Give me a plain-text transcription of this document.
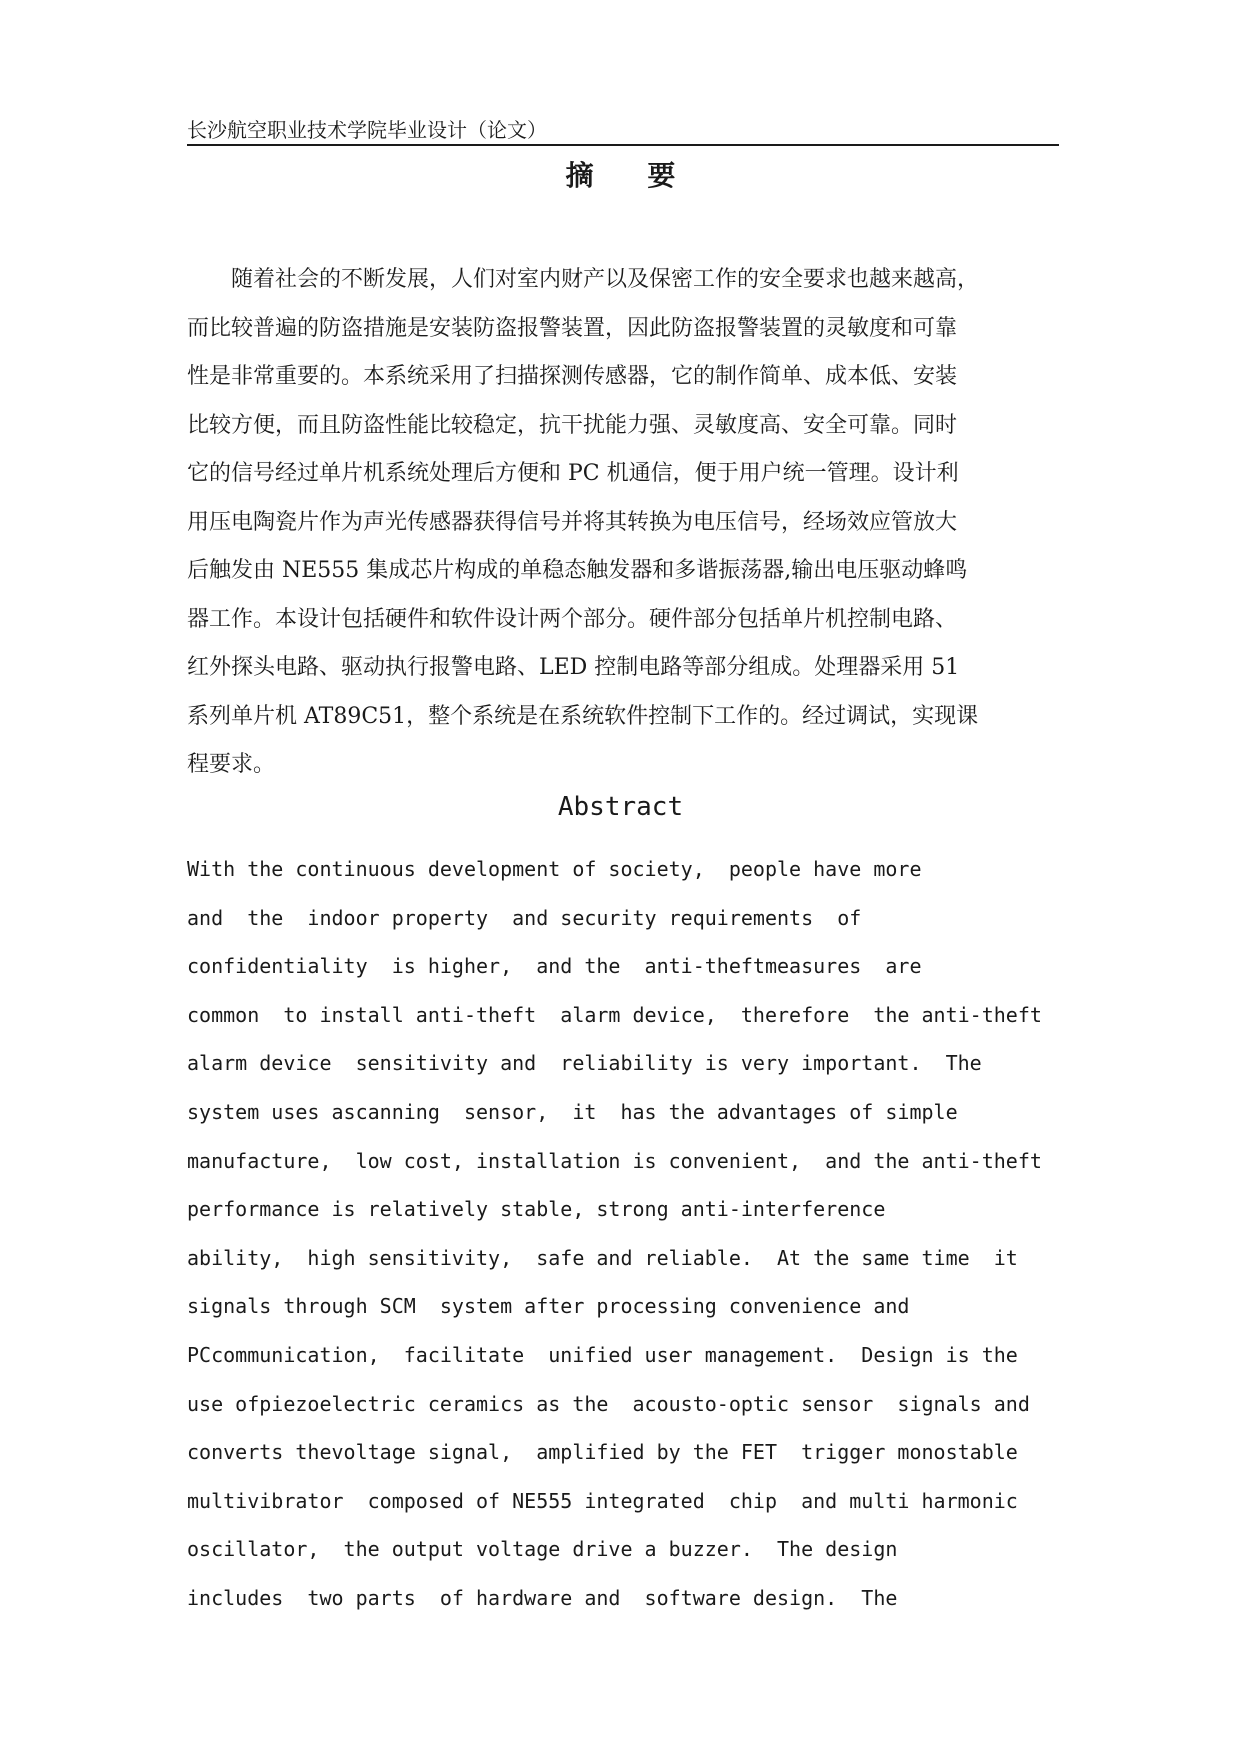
长沙航空职业技术学院毕业设计（论文）
摘 要
随着社会的不断发展，人们对室内财产以及保密工作的安全要求也越来越高，
而比较普遍的防盗措施是安装防盗报警装置，因此防盗报警装置的灵敏度和可靠
性是非常重要的。本系统采用了扫描探测传感器，它的制作简单、成本低、安装
比较方便，而且防盗性能比较稳定，抗干扰能力强、灵敏度高、安全可靠。同时
它的信号经过单片机系统处理后方便和 PC 机通信，便于用户统一管理。设计利
用压电陶瓷片作为声光传感器获得信号并将其转换为电压信号，经场效应管放大
后触发由 NE555 集成芯片构成的单稳态触发器和多谐振荡器,输出电压驱动蜂鸣
器工作。本设计包括硬件和软件设计两个部分。硬件部分包括单片机控制电路、
红外探头电路、驱动执行报警电路、LED 控制电路等部分组成。处理器采用 51
系列单片机 AT89C51，整个系统是在系统软件控制下工作的。经过调试，实现课
程要求。
Abstract
With the continuous development of society,  people have more
and  the  indoor property  and security requirements  of
confidentiality  is higher,  and the  anti-theftmeasures  are
common  to install anti-theft  alarm device,  therefore  the anti-theft
alarm device  sensitivity and  reliability is very important.  The
system uses ascanning  sensor,  it  has the advantages of simple
manufacture,  low cost, installation is convenient,  and the anti-theft
performance is relatively stable, strong anti-interference
ability,  high sensitivity,  safe and reliable.  At the same time  it
signals through SCM  system after processing convenience and
PCcommunication,  facilitate  unified user management.  Design is the
use ofpiezoelectric ceramics as the  acousto-optic sensor  signals and
converts thevoltage signal,  amplified by the FET  trigger monostable
multivibrator  composed of NE555 integrated  chip  and multi harmonic
oscillator,  the output voltage drive a buzzer.  The design
includes  two parts  of hardware and  software design.  The
